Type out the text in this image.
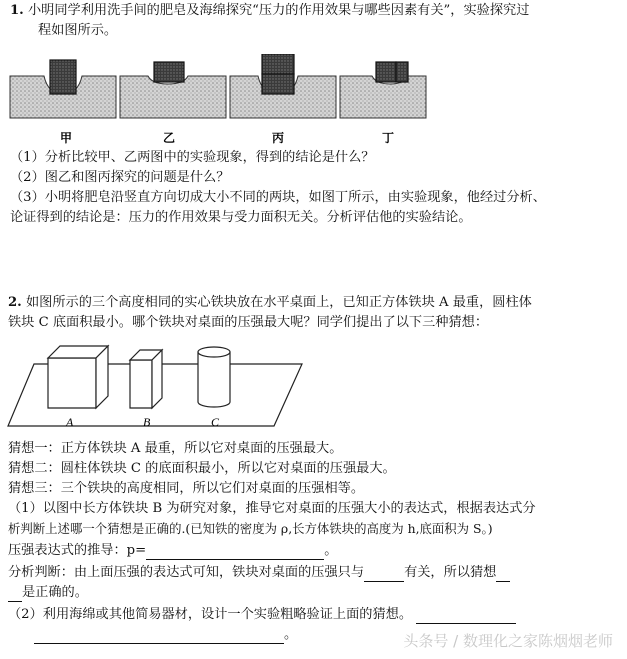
1. 小明同学利用洗手间的肥皂及海绵探究“压力的作用效果与哪些因素有关”，实验探究过
程如图所示。
甲	乙	丙	丁
（1）分析比较甲、乙两图中的实验现象，得到的结论是什么？
（2）图乙和图丙探究的问题是什么？
（3）小明将肥皂沿竖直方向切成大小不同的两块，如图丁所示，由实验现象，他经过分析、
论证得到的结论是：压力的作用效果与受力面积无关。分析评估他的实验结论。
2. 如图所示的三个高度相同的实心铁块放在水平桌面上，已知正方体铁块 A 最重，圆柱体
铁块 C 底面积最小。哪个铁块对桌面的压强最大呢？同学们提出了以下三种猜想：
A	B	C
猜想一：正方体铁块 A 最重，所以它对桌面的压强最大。
猜想二：圆柱体铁块 C 的底面积最小，所以它对桌面的压强最大。
猜想三：三个铁块的高度相同，所以它们对桌面的压强相等。
（1）以图中长方体铁块 B 为研究对象，推导它对桌面的压强大小的表达式，根据表达式分
析判断上述哪一个猜想是正确的.(已知铁的密度为 ρ,长方体铁块的高度为 h,底面积为 S。)
压强表达式的推导：p=	。
分析判断：由上面压强的表达式可知，铁块对桌面的压强只与	有关，所以猜想
是正确的。
（2）利用海绵或其他简易器材，设计一个实验粗略验证上面的猜想。
。	头条号 / 数理化之家陈烟烟老师
